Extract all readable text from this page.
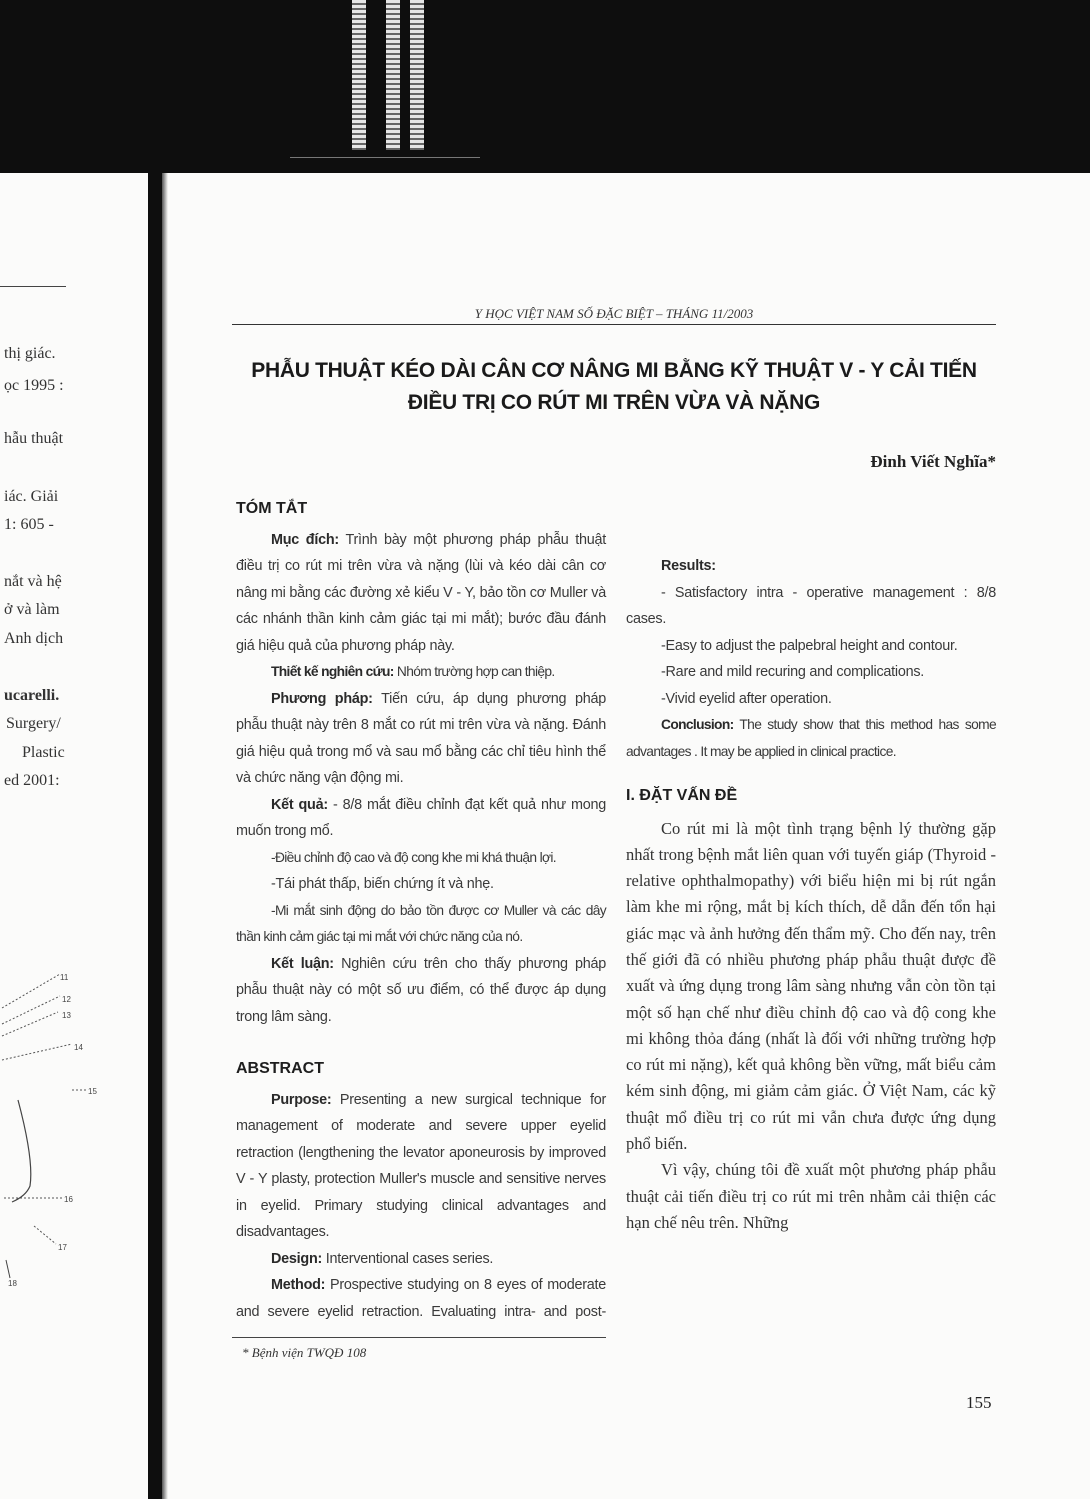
thị giác.
ọc 1995 :
hẫu thuật
iác. Giải
1: 605 -
nắt và hệ
ở và làm
Anh dịch
ucarelli.
Surgery/
Plastic
ed 2001:
11
12
13
14
15
16
17
18
Y HỌC VIỆT NAM SỐ ĐẶC BIỆT – THÁNG 11/2003
PHẪU THUẬT KÉO DÀI CÂN CƠ NÂNG MI BẰNG KỸ THUẬT V - Y CẢI TIẾN
ĐIỀU TRỊ CO RÚT MI TRÊN VỪA VÀ NẶNG
Đinh Viết Nghĩa*
TÓM TẮT

Mục đích: Trình bày một phương pháp phẫu thuật điều trị co rút mi trên vừa và nặng (lùi và kéo dài cân cơ nâng mi bằng các đường xẻ kiểu V - Y, bảo tồn cơ Muller và các nhánh thần kinh cảm giác tại mi mắt); bước đầu đánh giá hiệu quả của phương pháp này.

Thiết kế nghiên cứu: Nhóm trường hợp can thiệp.

Phương pháp: Tiến cứu, áp dụng phương pháp phẫu thuật này trên 8 mắt co rút mi trên vừa và nặng. Đánh giá hiệu quả trong mổ và sau mổ bằng các chỉ tiêu hình thể và chức năng vận động mi.

Kết quả: - 8/8 mắt điều chỉnh đạt kết quả như mong muốn trong mổ.

-Điều chỉnh độ cao và độ cong khe mi khá thuận lợi.

-Tái phát thấp, biến chứng ít và nhẹ.

-Mi mắt sinh động do bảo tồn được cơ Muller và các dây thần kinh cảm giác tại mi mắt với chức năng của nó.

Kết luận: Nghiên cứu trên cho thấy phương pháp phẫu thuật này có một số ưu điểm, có thể được áp dụng trong lâm sàng.

ABSTRACT

Purpose: Presenting a new surgical technique for management of moderate and severe upper eyelid retraction (lengthening the levator aponeurosis by improved V - Y plasty, protection Muller's muscle and sensitive nerves in eyelid. Primary studying clinical advantages and disadvantages.

Design: Interventional cases series.

Method: Prospective studying on 8 eyes of moderate and severe eyelid retraction. Evaluating intra- and post-

Results:

- Satisfactory intra - operative management : 8/8 cases.

-Easy to adjust the palpebral height and contour.

-Rare and mild recuring and complications.

-Vivid eyelid after operation.

Conclusion: The study show that this method has some advantages . It may be applied in clinical practice.

I. ĐẶT VẤN ĐỀ

Co rút mi là một tình trạng bệnh lý thường gặp nhất trong bệnh mắt liên quan với tuyến giáp (Thyroid - relative ophthalmopathy) với biểu hiện mi bị rút ngắn làm khe mi rộng, mắt bị kích thích, dễ dẫn đến tổn hại giác mạc và ảnh hưởng đến thẩm mỹ. Cho đến nay, trên thế giới đã có nhiều phương pháp phẫu thuật được đề xuất và ứng dụng trong lâm sàng nhưng vẫn còn tồn tại một số hạn chế như điều chỉnh độ cao và độ cong khe mi không thỏa đáng (nhất là đối với những trường hợp co rút mi nặng), kết quả không bền vững, mất biểu cảm kém sinh động, mi giảm cảm giác. Ở Việt Nam, các kỹ thuật mổ điều trị co rút mi vẫn chưa được ứng dụng phổ biến.

Vì vậy, chúng tôi đề xuất một phương pháp phẫu thuật cải tiến điều trị co rút mi trên nhằm cải thiện các hạn chế nêu trên. Những

* Bệnh viện TWQĐ 108
155
